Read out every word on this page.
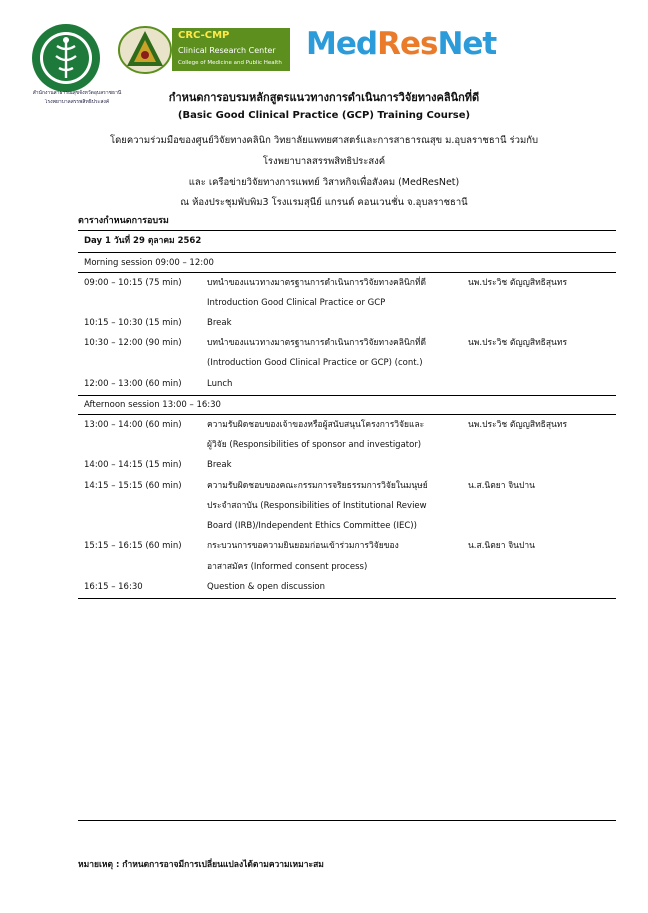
สำนักงานสาธารณสุขจังหวัดอุบลราชธานี
โรงพยาบาลสรรพสิทธิประสงค์
CRC-CMP
Clinical Research Center
College of Medicine and Public Health
MedResNet
กำหนดการอบรมหลักสูตรแนวทางการดำเนินการวิจัยทางคลินิกที่ดี
(Basic Good Clinical Practice (GCP) Training Course)
โดยความร่วมมือของศูนย์วิจัยทางคลินิก วิทยาลัยแพทยศาสตร์และการสาธารณสุข ม.อุบลราชธานี ร่วมกับ
โรงพยาบาลสรรพสิทธิประสงค์
และ เครือข่ายวิจัยทางการแพทย์ วิสาหกิจเพื่อสังคม (MedResNet)
ณ ห้องประชุมพับพิม3 โรงแรมสุนีย์ แกรนด์ คอนเวนชั่น จ.อุบลราชธานี
ตารางกำหนดการอบรม
Day 1 วันที่ 29 ตุลาคม 2562
Morning session 09:00 – 12:00
09:00 – 10:15 (75 min)	บทนำของแนวทางมาตรฐานการดำเนินการวิจัยทางคลินิกที่ดี	นพ.ประวิช ตัญญสิทธิสุนทร
Introduction Good Clinical Practice or GCP
10:15 – 10:30 (15 min)	Break
10:30 – 12:00 (90 min)	บทนำของแนวทางมาตรฐานการดำเนินการวิจัยทางคลินิกที่ดี	นพ.ประวิช ตัญญสิทธิสุนทร
(Introduction Good Clinical Practice or GCP) (cont.)
12:00 – 13:00 (60 min)	Lunch
Afternoon session 13:00 – 16:30
13:00 – 14:00 (60 min)	ความรับผิดชอบของเจ้าของหรือผู้สนับสนุนโครงการวิจัยและ	นพ.ประวิช ตัญญสิทธิสุนทร
ผู้วิจัย (Responsibilities of sponsor and investigator)
14:00 – 14:15 (15 min)	Break
14:15 – 15:15 (60 min)	ความรับผิดชอบของคณะกรรมการจริยธรรมการวิจัยในมนุษย์	น.ส.นิตยา จินปาน
ประจำสถาบัน (Responsibilities of Institutional Review
Board (IRB)/Independent Ethics Committee (IEC))
15:15 – 16:15 (60 min)	กระบวนการขอความยินยอมก่อนเข้าร่วมการวิจัยของ	น.ส.นิตยา จินปาน
อาสาสมัคร (Informed consent process)
16:15 – 16:30	Question & open discussion
หมายเหตุ : กำหนดการอาจมีการเปลี่ยนแปลงได้ตามความเหมาะสม
